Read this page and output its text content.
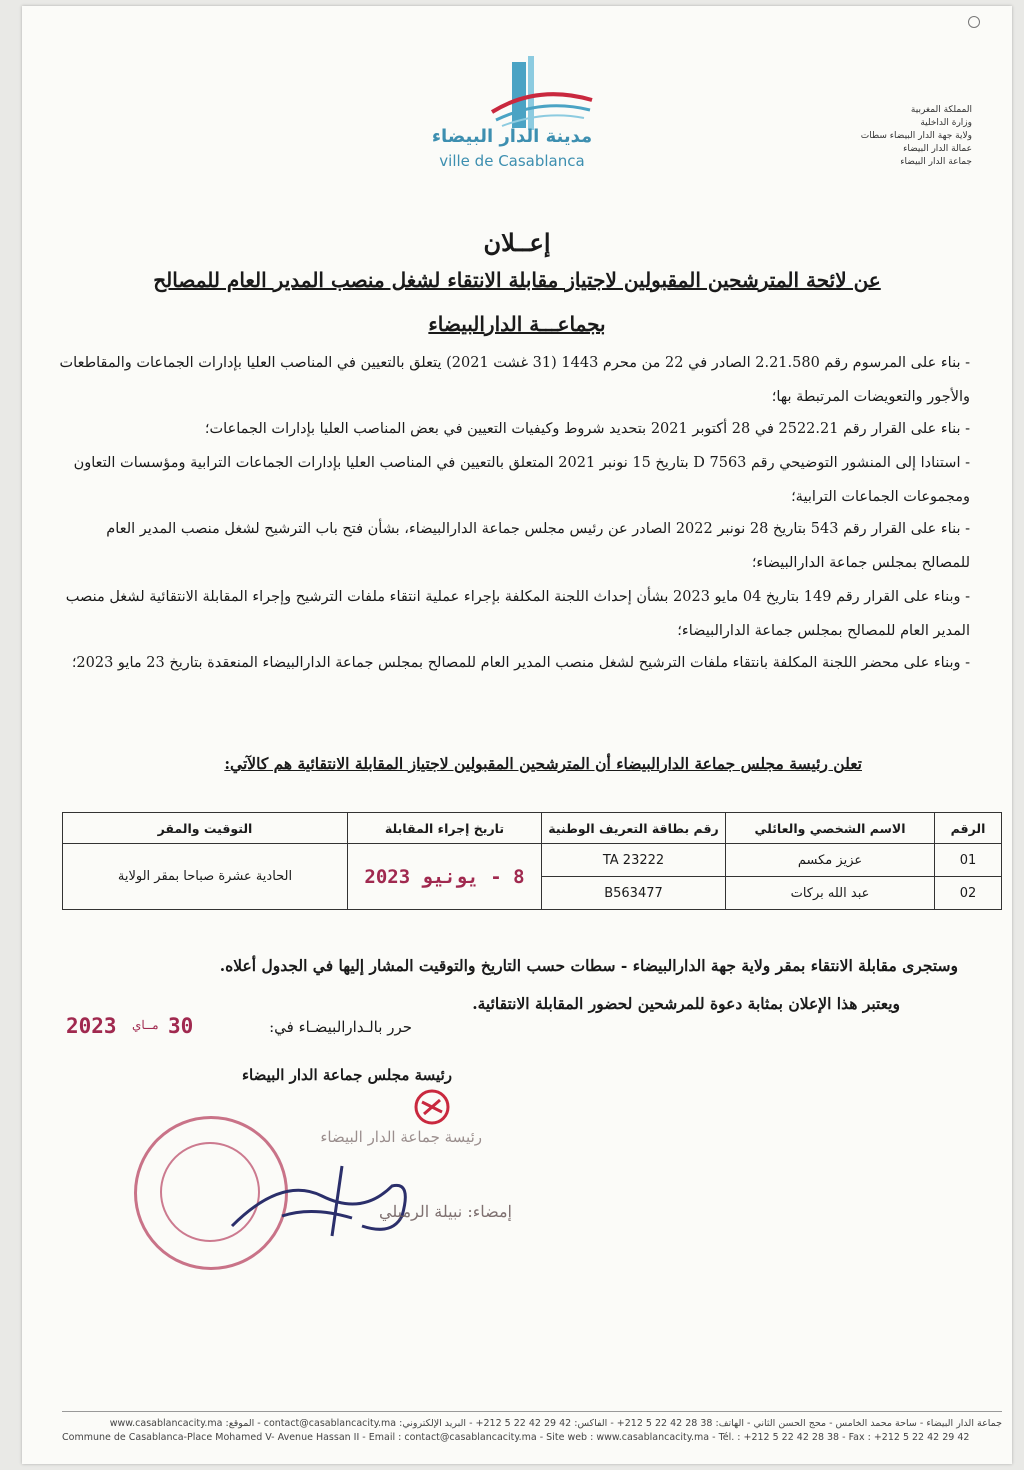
مدينة الدار البيضاء
ville de Casablanca
المملكة المغربية
وزارة الداخلية
ولاية جهة الدار البيضاء سطات
عمالة الدار البيضاء
جماعة الدار البيضاء
إعــلان
عن لائحة المترشحين المقبولين لاجتياز مقابلة الانتقاء لشغل منصب المدير العام للمصالح
بجماعـــة الدارالبيضاء
- بناء على المرسوم رقم 2.21.580 الصادر في 22 من محرم 1443 (31 غشت 2021) يتعلق بالتعيين في المناصب العليا بإدارات الجماعات والمقاطعات والأجور والتعويضات المرتبطة بها؛
- بناء على القرار رقم 2522.21 في 28 أكتوبر 2021 بتحديد شروط وكيفيات التعيين في بعض المناصب العليا بإدارات الجماعات؛
- استنادا إلى المنشور التوضيحي رقم D 7563 بتاريخ 15 نونبر 2021 المتعلق بالتعيين في المناصب العليا بإدارات الجماعات الترابية ومؤسسات التعاون ومجموعات الجماعات الترابية؛
- بناء على القرار رقم 543 بتاريخ 28 نونبر 2022 الصادر عن رئيس مجلس جماعة الدارالبيضاء، بشأن فتح باب الترشيح لشغل منصب المدير العام للمصالح بمجلس جماعة الدارالبيضاء؛
- وبناء على القرار رقم 149 بتاريخ 04 مايو 2023 بشأن إحداث اللجنة المكلفة بإجراء عملية انتقاء ملفات الترشيح وإجراء المقابلة الانتقائية لشغل منصب المدير العام للمصالح بمجلس جماعة الدارالبيضاء؛
- وبناء على محضر اللجنة المكلفة بانتقاء ملفات الترشيح لشغل منصب المدير العام للمصالح بمجلس جماعة الدارالبيضاء المنعقدة بتاريخ 23 مايو 2023؛
تعلن رئيسة مجلس جماعة الدارالبيضاء أن المترشحين المقبولين لاجتياز المقابلة الانتقائية هم كالآتي:
الرقم	الاسم الشخصي والعائلي	رقم بطاقة التعريف الوطنية	تاريخ إجراء المقابلة	التوقيت والمقر
01	عزيز مكسم	TA 23222	8 - يونيو 2023	الحادية عشرة صباحا بمقر الولاية
02	عبد الله بركات	B563477		
وستجرى مقابلة الانتقاء بمقر ولاية جهة الدارالبيضاء - سطات حسب التاريخ والتوقيت المشار إليها في الجدول أعلاه.
ويعتبر هذا الإعلان بمثابة دعوة للمرشحين لحضور المقابلة الانتقائية.
حرر بالـدارالبيضـاء في:
2023 مــاي 30
رئيسة مجلس جماعة الدار البيضاء
رئيسة جماعة الدار البيضاء
إمضاء: نبيلة الرميلي
جماعة الدار البيضاء - ساحة محمد الخامس - محج الحسن الثاني - الهاتف: 38 28 42 22 5 212+ - الفاكس: 42 29 42 22 5 212+ - البريد الإلكتروني: contact@casablancacity.ma - الموقع: www.casablancacity.ma
Commune de Casablanca-Place Mohamed V- Avenue Hassan II - Email : contact@casablancacity.ma - Site web : www.casablancacity.ma - Tél. : +212 5 22 42 28 38 - Fax : +212 5 22 42 29 42
